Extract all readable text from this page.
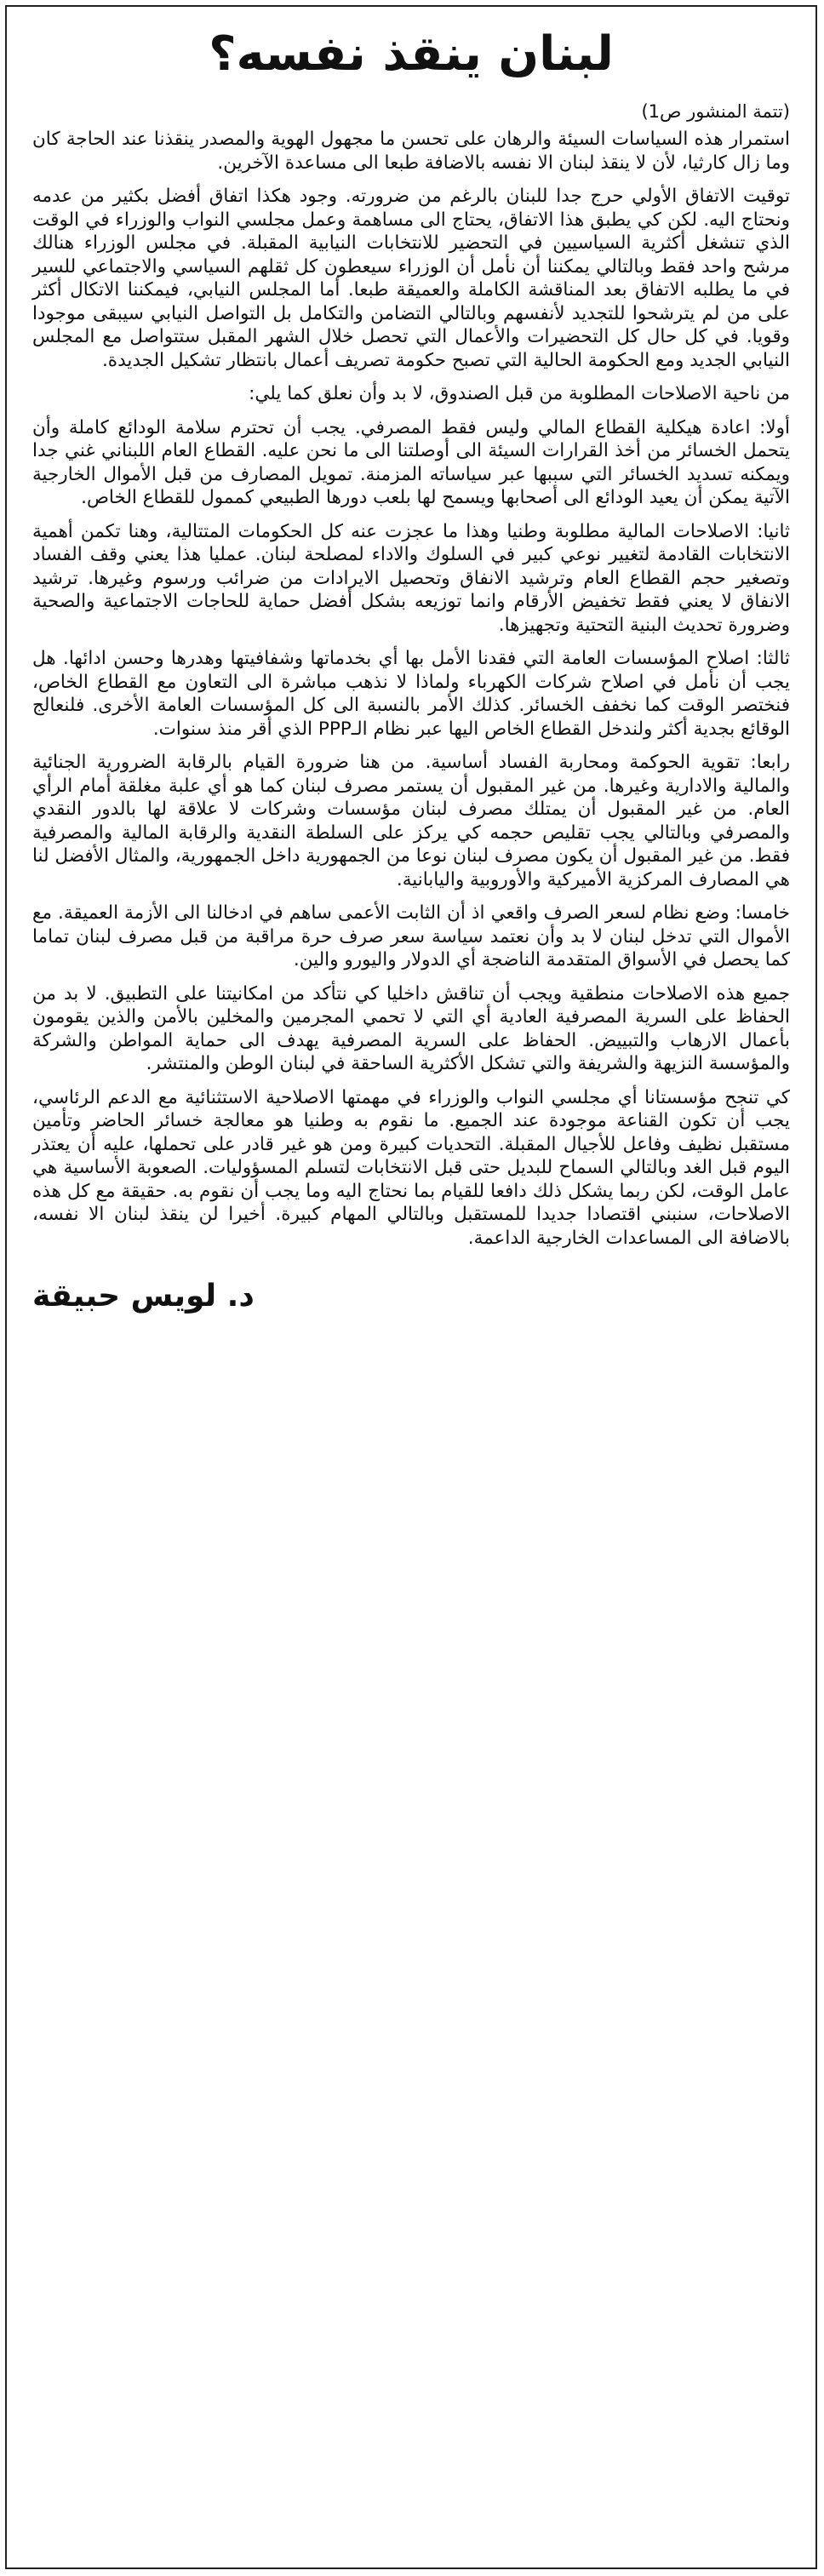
لبنان ينقذ نفسه؟
(تتمة المنشور ص1)

استمرار هذه السياسات السيئة والرهان على تحسن ما مجهول الهوية والمصدر ينقذنا عند الحاجة كان وما زال كارثيا، لأن لا ينقذ لبنان الا نفسه بالاضافة طبعا الى مساعدة الآخرين.

توقيت الاتفاق الأولي حرج جدا للبنان بالرغم من ضرورته. وجود هكذا اتفاق أفضل بكثير من عدمه ونحتاج اليه. لكن كي يطبق هذا الاتفاق، يحتاج الى مساهمة وعمل مجلسي النواب والوزراء في الوقت الذي تنشغل أكثرية السياسيين في التحضير للانتخابات النيابية المقبلة. في مجلس الوزراء هنالك مرشح واحد فقط وبالتالي يمكننا أن نأمل أن الوزراء سيعطون كل ثقلهم السياسي والاجتماعي للسير في ما يطلبه الاتفاق بعد المناقشة الكاملة والعميقة طبعا. أما المجلس النيابي، فيمكننا الاتكال أكثر على من لم يترشحوا للتجديد لأنفسهم وبالتالي التضامن والتكامل بل التواصل النيابي سيبقى موجودا وقويا. في كل حال كل التحضيرات والأعمال التي تحصل خلال الشهر المقبل ستتواصل مع المجلس النيابي الجديد ومع الحكومة الحالية التي تصبح حكومة تصريف أعمال بانتظار تشكيل الجديدة.

من ناحية الاصلاحات المطلوبة من قبل الصندوق، لا بد وأن نعلق كما يلي:

أولا: اعادة هيكلية القطاع المالي وليس فقط المصرفي. يجب أن تحترم سلامة الودائع كاملة وأن يتحمل الخسائر من أخذ القرارات السيئة الى أوصلتنا الى ما نحن عليه. القطاع العام اللبناني غني جدا ويمكنه تسديد الخسائر التي سببها عبر سياساته المزمنة. تمويل المصارف من قبل الأموال الخارجية الآتية يمكن أن يعيد الودائع الى أصحابها ويسمح لها بلعب دورها الطبيعي كممول للقطاع الخاص.

ثانيا: الاصلاحات المالية مطلوبة وطنيا وهذا ما عجزت عنه كل الحكومات المتتالية، وهنا تكمن أهمية الانتخابات القادمة لتغيير نوعي كبير في السلوك والاداء لمصلحة لبنان. عمليا هذا يعني وقف الفساد وتصغير حجم القطاع العام وترشيد الانفاق وتحصيل الايرادات من ضرائب ورسوم وغيرها. ترشيد الانفاق لا يعني فقط تخفيض الأرقام وانما توزيعه بشكل أفضل حماية للحاجات الاجتماعية والصحية وضرورة تحديث البنية التحتية وتجهيزها.

ثالثا: اصلاح المؤسسات العامة التي فقدنا الأمل بها أي بخدماتها وشفافيتها وهدرها وحسن ادائها. هل يجب أن نأمل في اصلاح شركات الكهرباء ولماذا لا نذهب مباشرة الى التعاون مع القطاع الخاص، فنختصر الوقت كما نخفف الخسائر. كذلك الأمر بالنسبة الى كل المؤسسات العامة الأخرى. فلنعالج الوقائع بجدية أكثر ولندخل القطاع الخاص اليها عبر نظام الـPPP الذي أقر منذ سنوات.

رابعا: تقوية الحوكمة ومحاربة الفساد أساسية. من هنا ضرورة القيام بالرقابة الضرورية الجنائية والمالية والادارية وغيرها. من غير المقبول أن يستمر مصرف لبنان كما هو أي علبة مغلقة أمام الرأي العام. من غير المقبول أن يمتلك مصرف لبنان مؤسسات وشركات لا علاقة لها بالدور النقدي والمصرفي وبالتالي يجب تقليص حجمه كي يركز على السلطة النقدية والرقابة المالية والمصرفية فقط. من غير المقبول أن يكون مصرف لبنان نوعا من الجمهورية داخل الجمهورية، والمثال الأفضل لنا هي المصارف المركزية الأميركية والأوروبية واليابانية.

خامسا: وضع نظام لسعر الصرف واقعي اذ أن الثابت الأعمى ساهم في ادخالنا الى الأزمة العميقة. مع الأموال التي تدخل لبنان لا بد وأن نعتمد سياسة سعر صرف حرة مراقبة من قبل مصرف لبنان تماما كما يحصل في الأسواق المتقدمة الناضجة أي الدولار واليورو والين.

جميع هذه الاصلاحات منطقية ويجب أن تناقش داخليا كي نتأكد من امكانيتنا على التطبيق. لا بد من الحفاظ على السرية المصرفية العادية أي التي لا تحمي المجرمين والمخلين بالأمن والذين يقومون بأعمال الارهاب والتبييض. الحفاظ على السرية المصرفية يهدف الى حماية المواطن والشركة والمؤسسة النزيهة والشريفة والتي تشكل الأكثرية الساحقة في لبنان الوطن والمنتشر.

كي تنجح مؤسستانا أي مجلسي النواب والوزراء في مهمتها الاصلاحية الاستثنائية مع الدعم الرئاسي، يجب أن تكون القناعة موجودة عند الجميع. ما نقوم به وطنيا هو معالجة خسائر الحاضر وتأمين مستقبل نظيف وفاعل للأجيال المقبلة. التحديات كبيرة ومن هو غير قادر على تحملها، عليه أن يعتذر اليوم قبل الغد وبالتالي السماح للبديل حتى قبل الانتخابات لتسلم المسؤوليات. الصعوبة الأساسية هي عامل الوقت، لكن ربما يشكل ذلك دافعا للقيام بما نحتاج اليه وما يجب أن نقوم به. حقيقة مع كل هذه الاصلاحات، سنبني اقتصادا جديدا للمستقبل وبالتالي المهام كبيرة. أخيرا لن ينقذ لبنان الا نفسه، بالاضافة الى المساعدات الخارجية الداعمة.

د. لويس حبيقة
